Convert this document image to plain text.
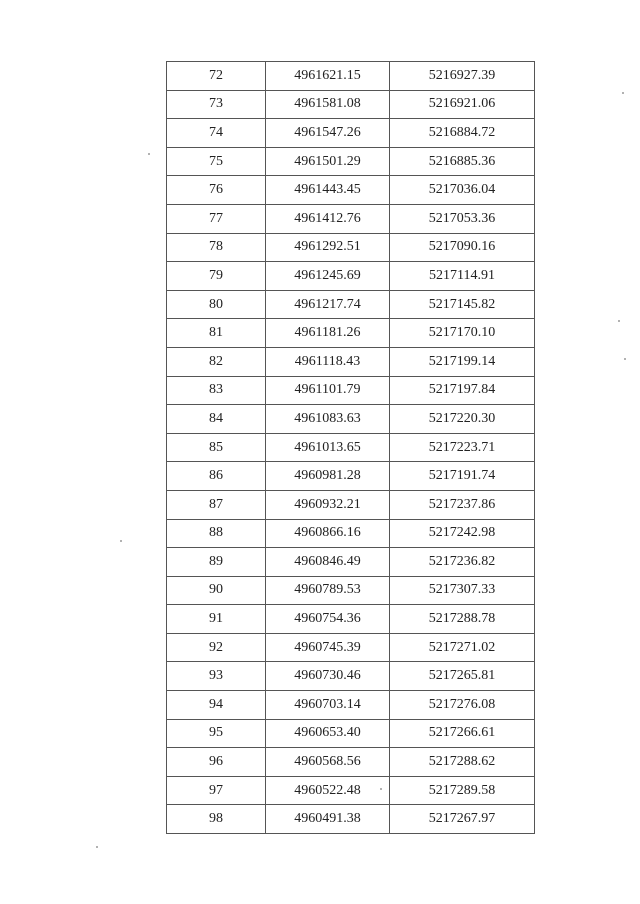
72	4961621.15	5216927.39
73	4961581.08	5216921.06
74	4961547.26	5216884.72
75	4961501.29	5216885.36
76	4961443.45	5217036.04
77	4961412.76	5217053.36
78	4961292.51	5217090.16
79	4961245.69	5217114.91
80	4961217.74	5217145.82
81	4961181.26	5217170.10
82	4961118.43	5217199.14
83	4961101.79	5217197.84
84	4961083.63	5217220.30
85	4961013.65	5217223.71
86	4960981.28	5217191.74
87	4960932.21	5217237.86
88	4960866.16	5217242.98
89	4960846.49	5217236.82
90	4960789.53	5217307.33
91	4960754.36	5217288.78
92	4960745.39	5217271.02
93	4960730.46	5217265.81
94	4960703.14	5217276.08
95	4960653.40	5217266.61
96	4960568.56	5217288.62
97	4960522.48	5217289.58
98	4960491.38	5217267.97
